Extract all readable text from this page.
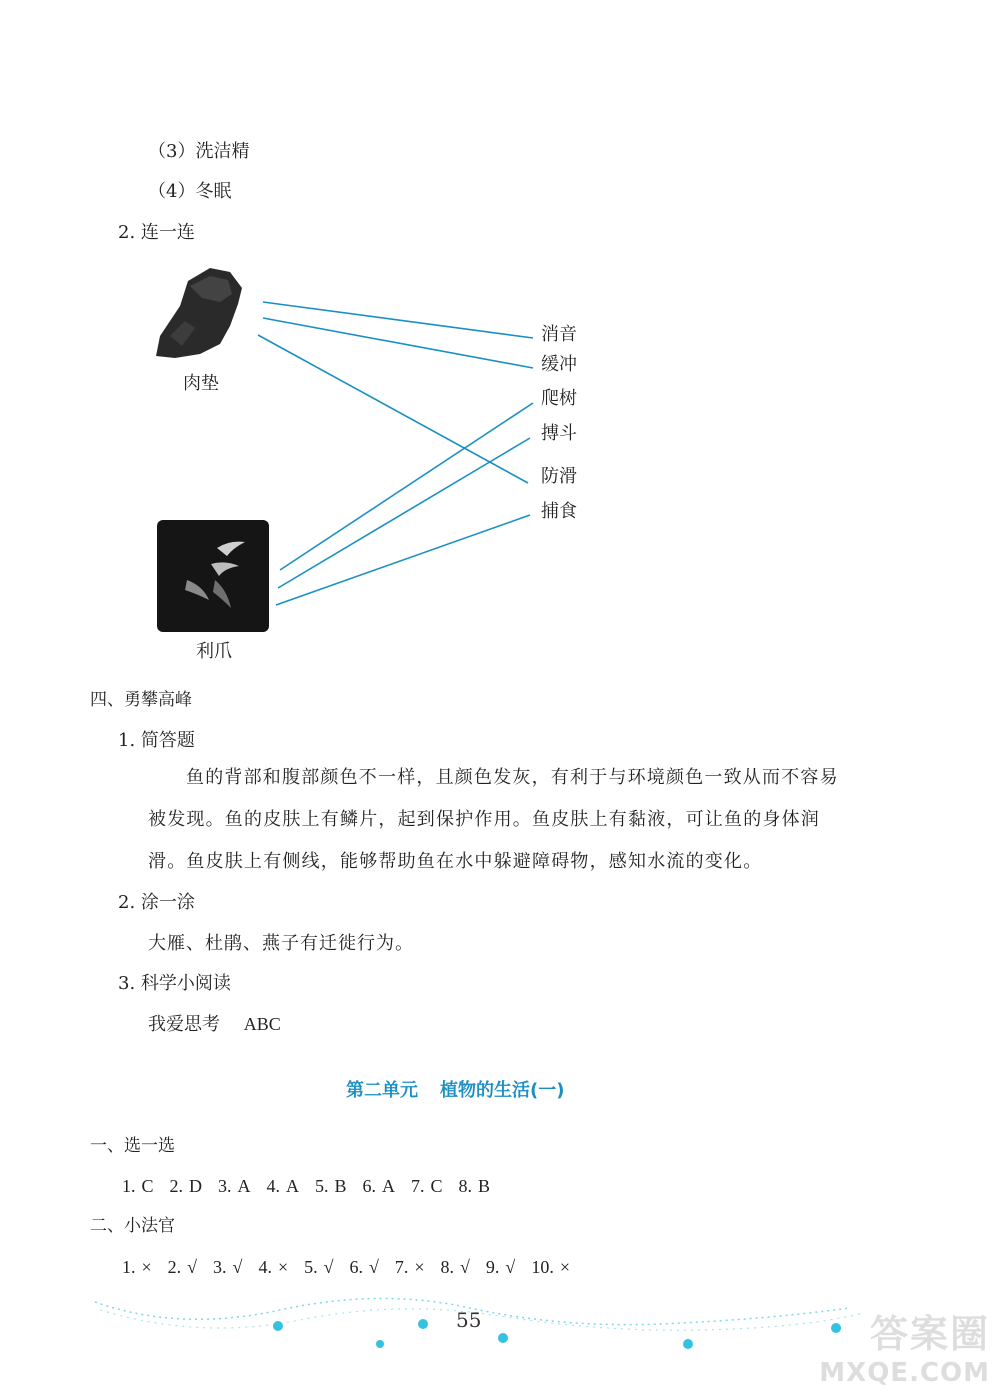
（3）洗洁精
（4）冬眠
2. 连一连
肉垫
利爪
消音
缓冲
爬树
搏斗
防滑
捕食
四、勇攀高峰
1. 简答题
鱼的背部和腹部颜色不一样，且颜色发灰，有利于与环境颜色一致从而不容易
被发现。鱼的皮肤上有鳞片，起到保护作用。鱼皮肤上有黏液，可让鱼的身体润
滑。鱼皮肤上有侧线，能够帮助鱼在水中躲避障碍物，感知水流的变化。
2. 涂一涂
大雁、杜鹃、燕子有迁徙行为。
3. 科学小阅读
我爱思考 ABC
第二单元 植物的生活(一)
一、选一选
1. C 2. D 3. A 4. A 5. B 6. A 7. C 8. B
二、小法官
1. × 2. √ 3. √ 4. × 5. √ 6. √ 7. × 8. √ 9. √ 10. ×
55	答案圈
MXQE.COM
